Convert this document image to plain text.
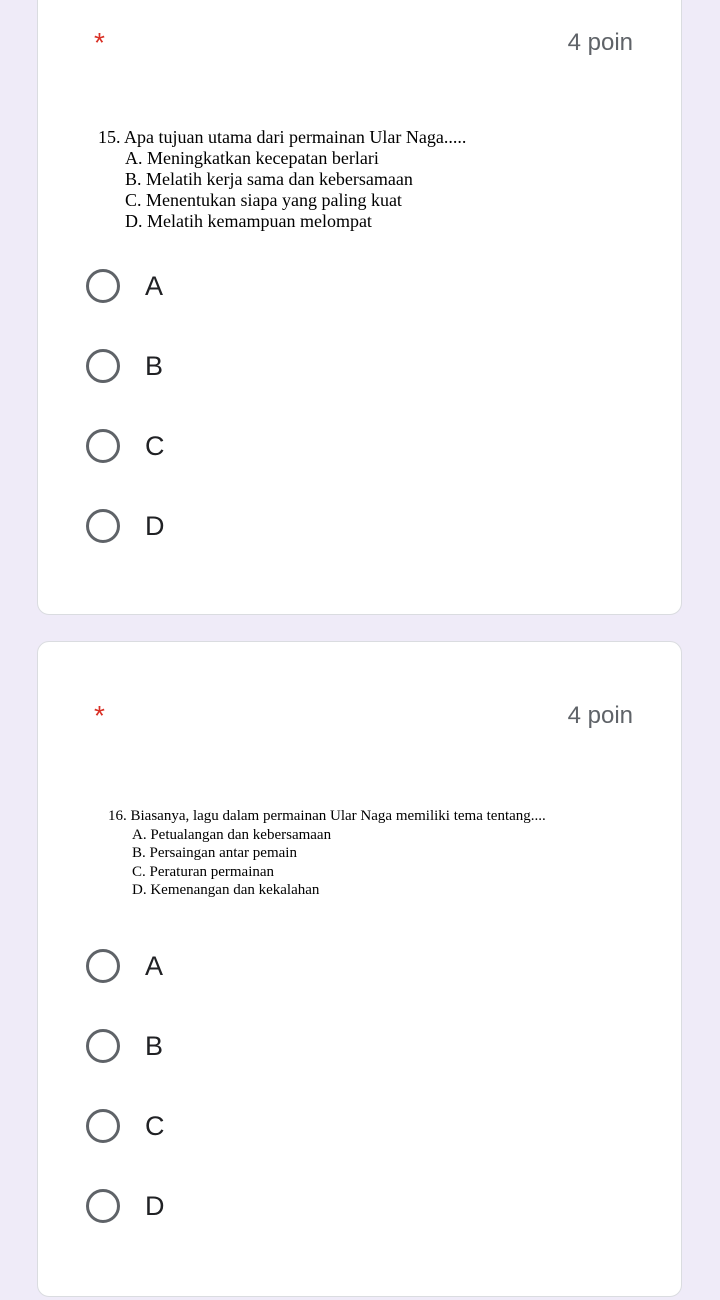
*	4 poin
15. Apa tujuan utama dari permainan Ular Naga.....
A. Meningkatkan kecepatan berlari
B. Melatih kerja sama dan kebersamaan
C. Menentukan siapa yang paling kuat
D. Melatih kemampuan melompat
A
B
C
D
*	4 poin
16. Biasanya, lagu dalam permainan Ular Naga memiliki tema tentang....
A. Petualangan dan kebersamaan
B. Persaingan antar pemain
C. Peraturan permainan
D. Kemenangan dan kekalahan
A
B
C
D
